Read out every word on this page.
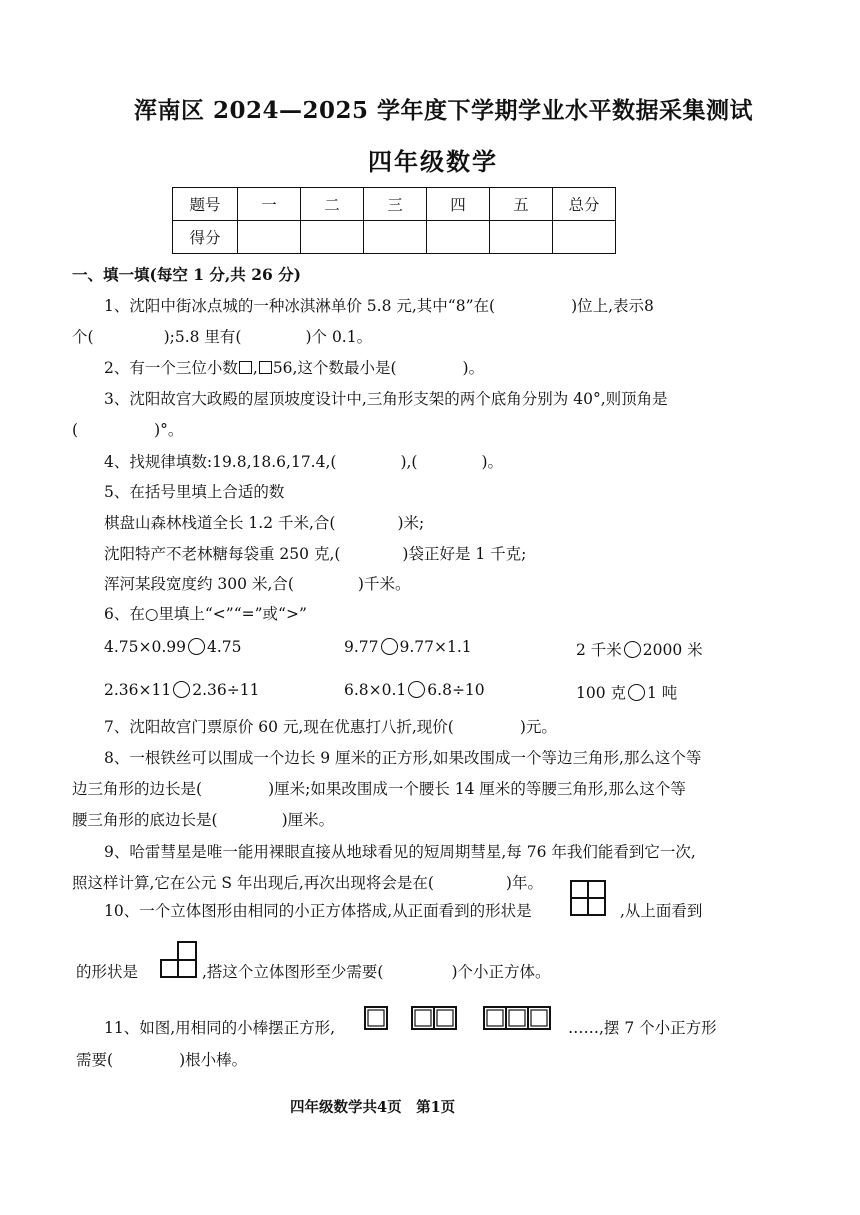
浑南区 2024—2025 学年度下学期学业水平数据采集测试
四年级数学
题号	一	二	三	四	五	总分
得分						
一、填一填(每空 1 分,共 26 分)
1、沈阳中街冰点城的一种冰淇淋单价 5.8 元,其中“8”在(	)位上,表示8
个(	);5.8 里有(	)个 0.1。
2、有一个三位小数 , 56,这个数最小是(	)。
3、沈阳故宫大政殿的屋顶坡度设计中,三角形支架的两个底角分别为 40°,则顶角是
(	)°。
4、找规律填数:19.8,18.6,17.4,(	),(	)。
5、在括号里填上合适的数
棋盘山森林栈道全长 1.2 千米,合(	)米;
沈阳特产不老林糖每袋重 250 克,(	)袋正好是 1 千克;
浑河某段宽度约 300 米,合(	)千米。
6、在○里填上“<”“=”或“>”
4.75×0.99 4.75	9.77 9.77×1.1	2 千米 2000 米
2.36×11 2.36÷11	6.8×0.1 6.8÷10	100 克 1 吨
7、沈阳故宫门票原价 60 元,现在优惠打八折,现价(	)元。
8、一根铁丝可以围成一个边长 9 厘米的正方形,如果改围成一个等边三角形,那么这个等
边三角形的边长是(	)厘米;如果改围成一个腰长 14 厘米的等腰三角形,那么这个等
腰三角形的底边长是(	)厘米。
9、哈雷彗星是唯一能用裸眼直接从地球看见的短周期彗星,每 76 年我们能看到它一次,
照这样计算,它在公元 S 年出现后,再次出现将会是在(	)年。
10、一个立体图形由相同的小正方体搭成,从正面看到的形状是	,从上面看到
的形状是	,搭这个立体图形至少需要(	)个小正方体。
11、如图,用相同的小棒摆正方形,	……,摆 7 个小正方形
需要(	)根小棒。
四年级数学共4页　第1页
